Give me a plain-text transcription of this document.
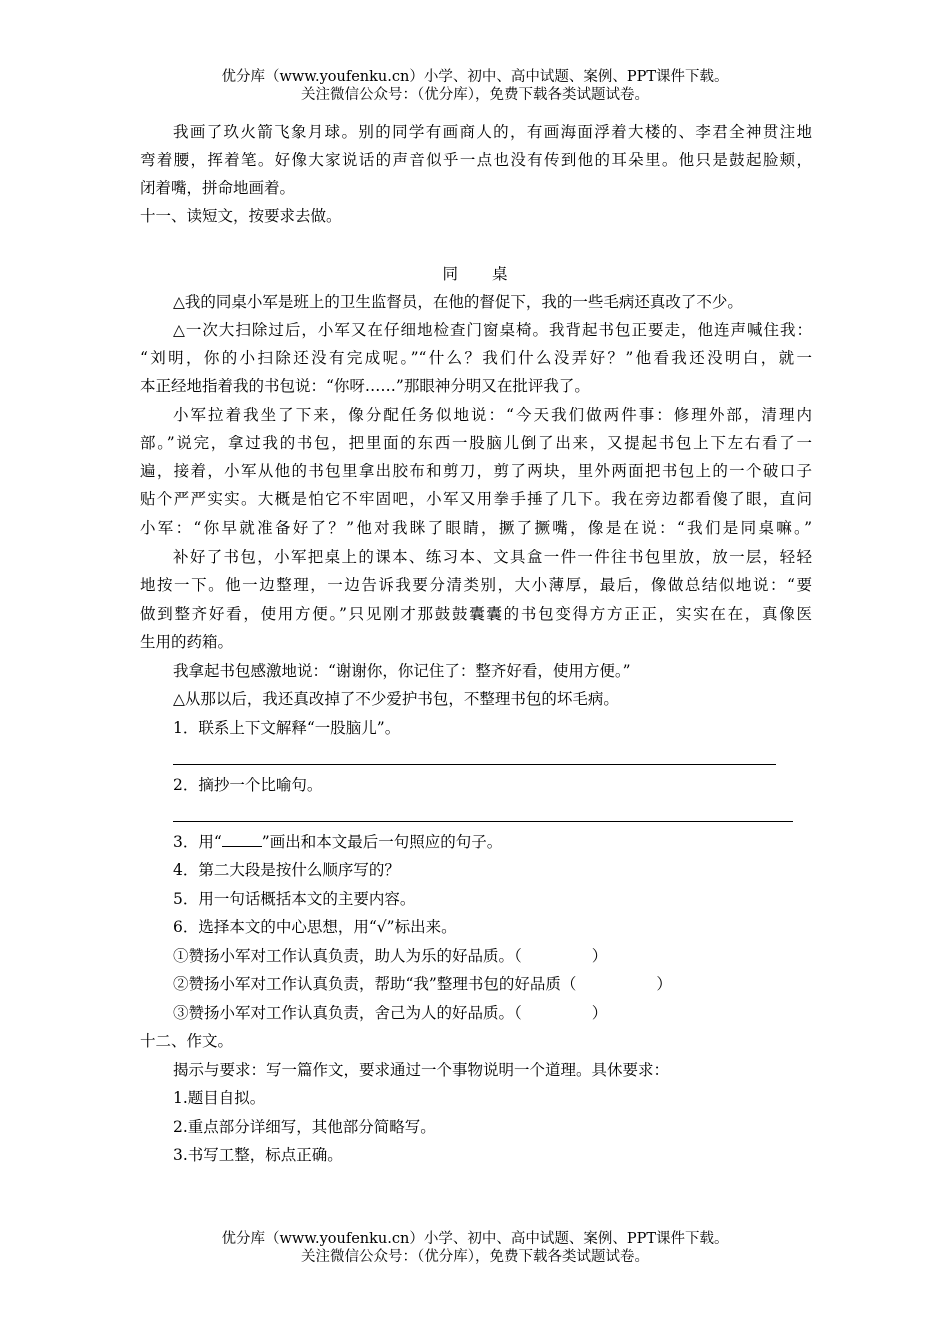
优分库（www.youfenku.cn）小学、初中、高中试题、案例、PPT课件下载。
关注微信公众号：（优分库），免费下载各类试题试卷。
我画了玖火箭飞象月球。别的同学有画商人的，有画海面浮着大楼的、李君全神贯注地
弯着腰，挥着笔。好像大家说话的声音似乎一点也没有传到他的耳朵里。他只是鼓起脸颊，
闭着嘴，拼命地画着。
十一、读短文，按要求去做。
同桌
△我的同桌小军是班上的卫生监督员，在他的督促下，我的一些毛病还真改了不少。
△一次大扫除过后，小军又在仔细地检查门窗桌椅。我背起书包正要走，他连声喊住我：
“刘明，你的小扫除还没有完成呢。”“什么？我们什么没弄好？”他看我还没明白，就一
本正经地指着我的书包说：“你呀……”那眼神分明又在批评我了。
小军拉着我坐了下来，像分配任务似地说：“今天我们做两件事：修理外部，清理内
部。”说完，拿过我的书包，把里面的东西一股脑儿倒了出来，又提起书包上下左右看了一
遍，接着，小军从他的书包里拿出胶布和剪刀，剪了两块，里外两面把书包上的一个破口子
贴个严严实实。大概是怕它不牢固吧，小军又用拳手捶了几下。我在旁边都看傻了眼，直问
小军：“你早就准备好了？”他对我眯了眼睛，撅了撅嘴，像是在说：“我们是同桌嘛。”
补好了书包，小军把桌上的课本、练习本、文具盒一件一件往书包里放，放一层，轻轻
地按一下。他一边整理，一边告诉我要分清类别，大小薄厚，最后，像做总结似地说：“要
做到整齐好看，使用方便。”只见刚才那鼓鼓囊囊的书包变得方方正正，实实在在，真像医
生用的药箱。
我拿起书包感激地说：“谢谢你，你记住了：整齐好看，使用方便。”
△从那以后，我还真改掉了不少爱护书包，不整理书包的坏毛病。
1．联系上下文解释“一股脑儿”。
2．摘抄一个比喻句。
3．用“	”画出和本文最后一句照应的句子。
4．第二大段是按什么顺序写的？
5．用一句话概括本文的主要内容。
6．选择本文的中心思想，用“√”标出来。
①赞扬小军对工作认真负责，助人为乐的好品质。（	）
②赞扬小军对工作认真负责，帮助“我”整理书包的好品质（	）
③赞扬小军对工作认真负责，舍己为人的好品质。（	）
十二、作文。
揭示与要求：写一篇作文，要求通过一个事物说明一个道理。具休要求：
1.题目自拟。
2.重点部分详细写，其他部分简略写。
3.书写工整，标点正确。
优分库（www.youfenku.cn）小学、初中、高中试题、案例、PPT课件下载。
关注微信公众号：（优分库），免费下载各类试题试卷。
